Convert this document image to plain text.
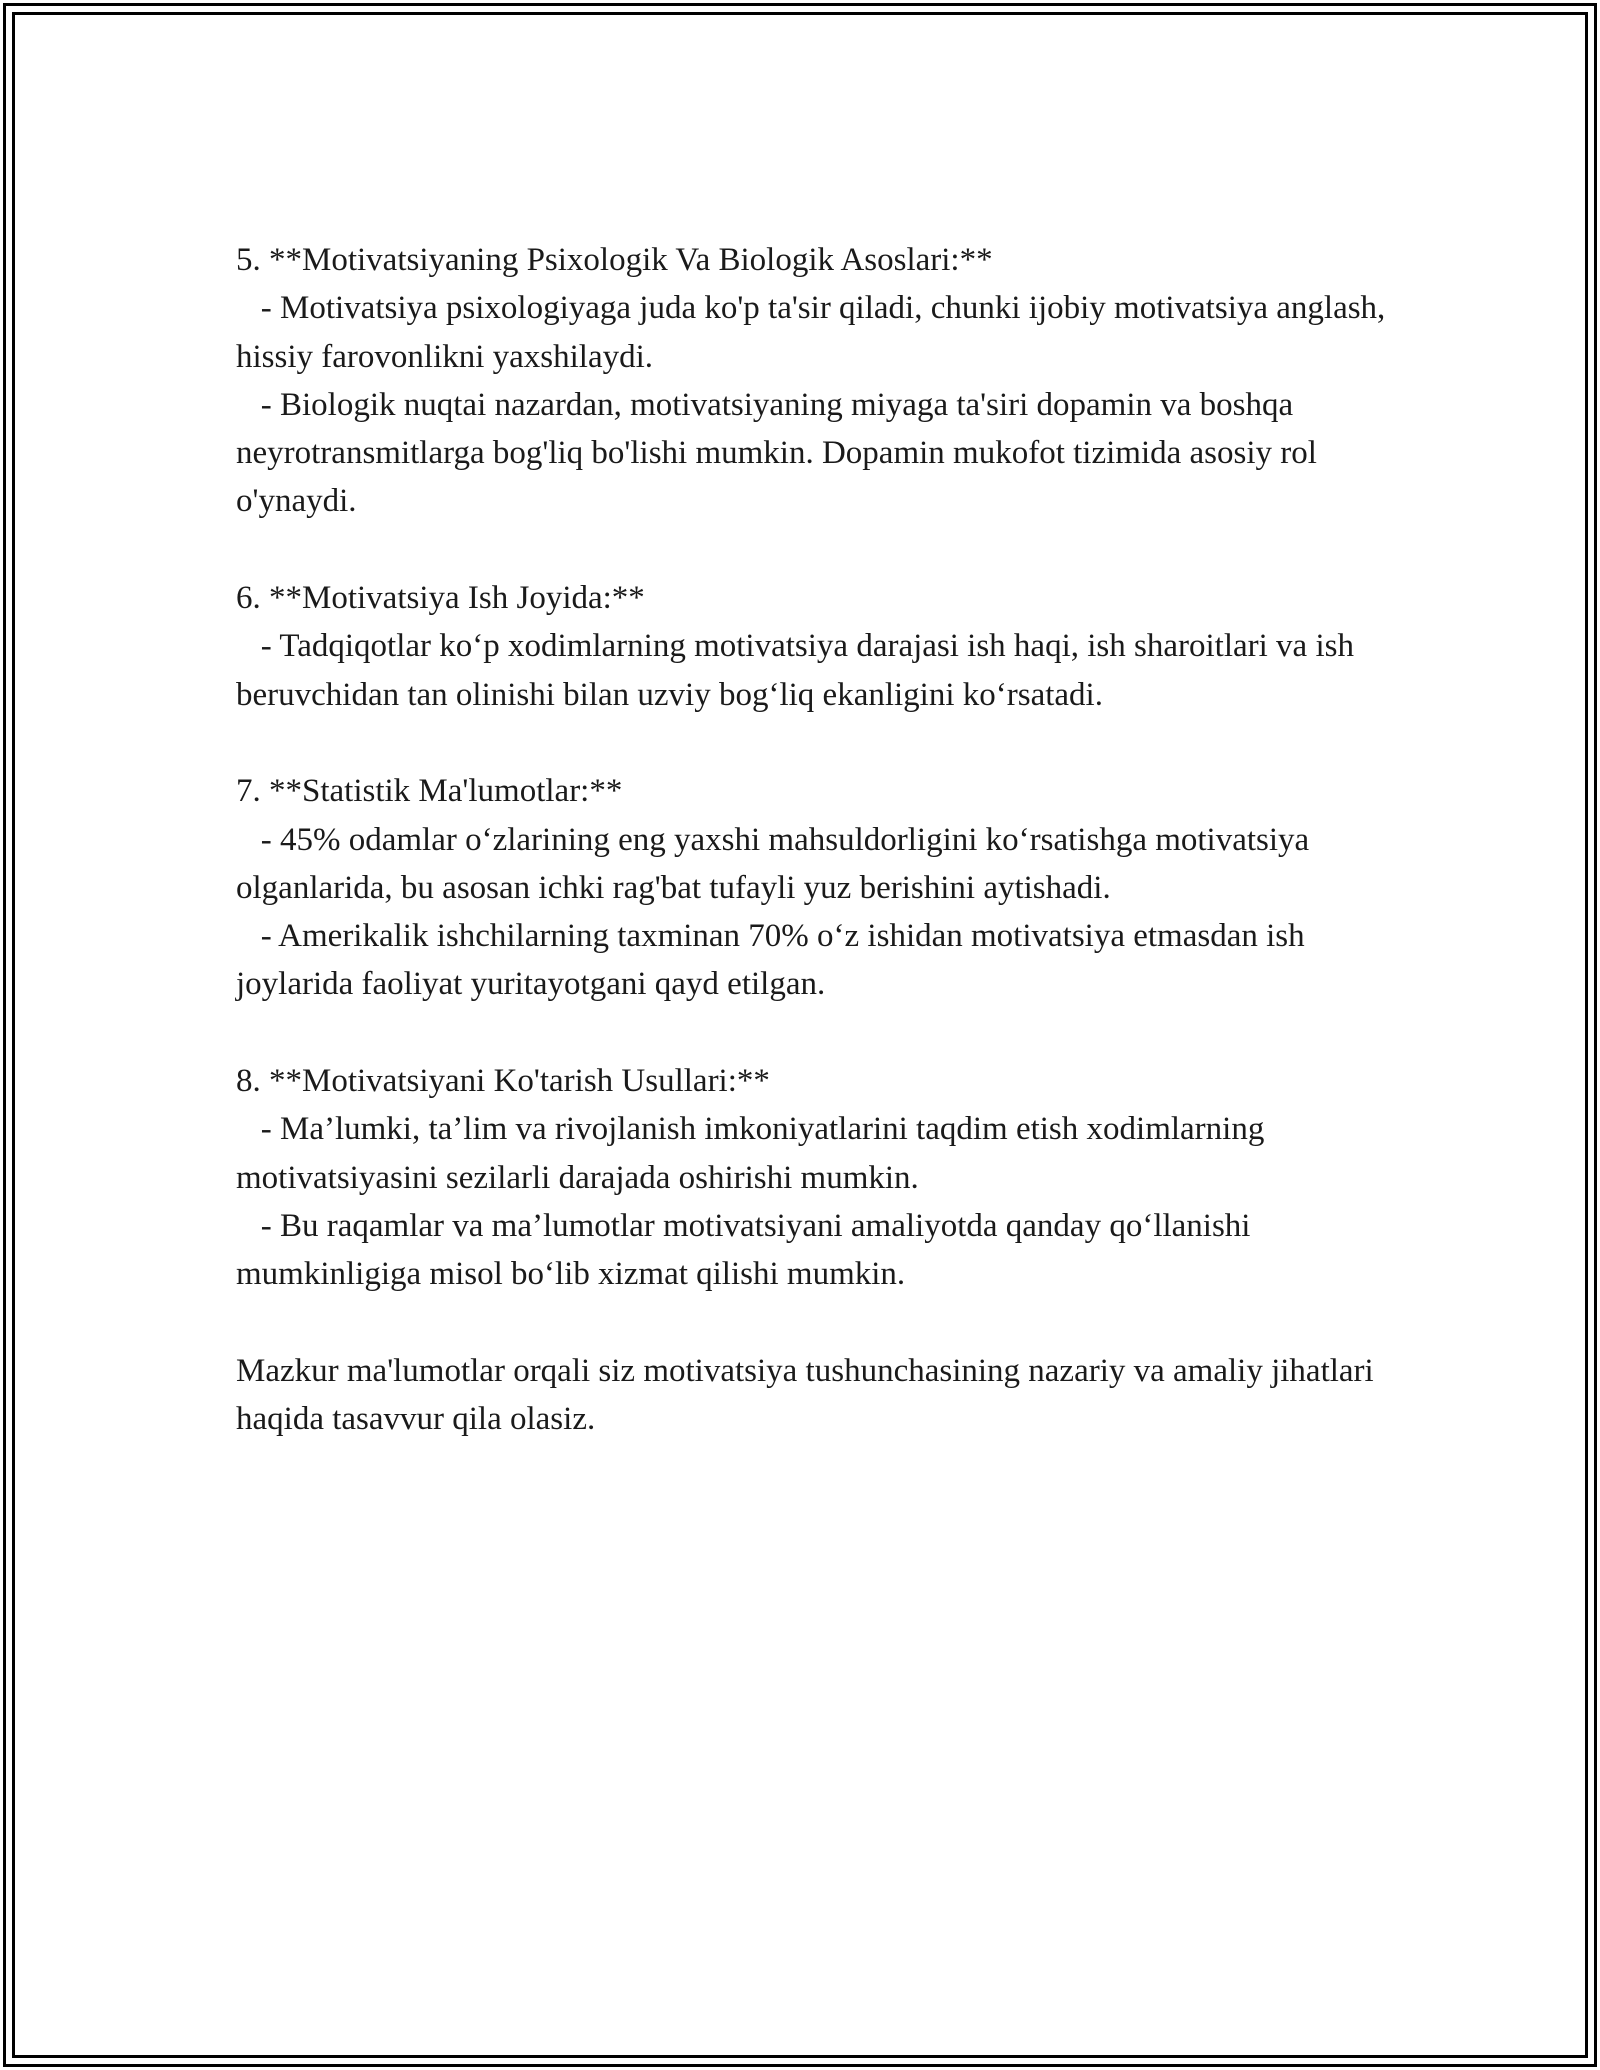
5. **Motivatsiyaning Psixologik Va Biologik Asoslari:**
- Motivatsiya psixologiyaga juda ko'p ta'sir qiladi, chunki ijobiy motivatsiya anglash, hissiy farovonlikni yaxshilaydi.
- Biologik nuqtai nazardan, motivatsiyaning miyaga ta'siri dopamin va boshqa neyrotransmitlarga bog'liq bo'lishi mumkin. Dopamin mukofot tizimida asosiy rol o'ynaydi.
6. **Motivatsiya Ish Joyida:**
- Tadqiqotlar ko‘p xodimlarning motivatsiya darajasi ish haqi, ish sharoitlari va ish beruvchidan tan olinishi bilan uzviy bog‘liq ekanligini ko‘rsatadi.
7. **Statistik Ma'lumotlar:**
- 45% odamlar o‘zlarining eng yaxshi mahsuldorligini ko‘rsatishga motivatsiya olganlarida, bu asosan ichki rag'bat tufayli yuz berishini aytishadi.
- Amerikalik ishchilarning taxminan 70% o‘z ishidan motivatsiya etmasdan ish joylarida faoliyat yuritayotgani qayd etilgan.
8. **Motivatsiyani Ko'tarish Usullari:**
- Ma’lumki, ta’lim va rivojlanish imkoniyatlarini taqdim etish xodimlarning motivatsiyasini sezilarli darajada oshirishi mumkin.
- Bu raqamlar va ma’lumotlar motivatsiyani amaliyotda qanday qo‘llanishi mumkinligiga misol bo‘lib xizmat qilishi mumkin.

Mazkur ma'lumotlar orqali siz motivatsiya tushunchasining nazariy va amaliy jihatlari haqida tasavvur qila olasiz.
